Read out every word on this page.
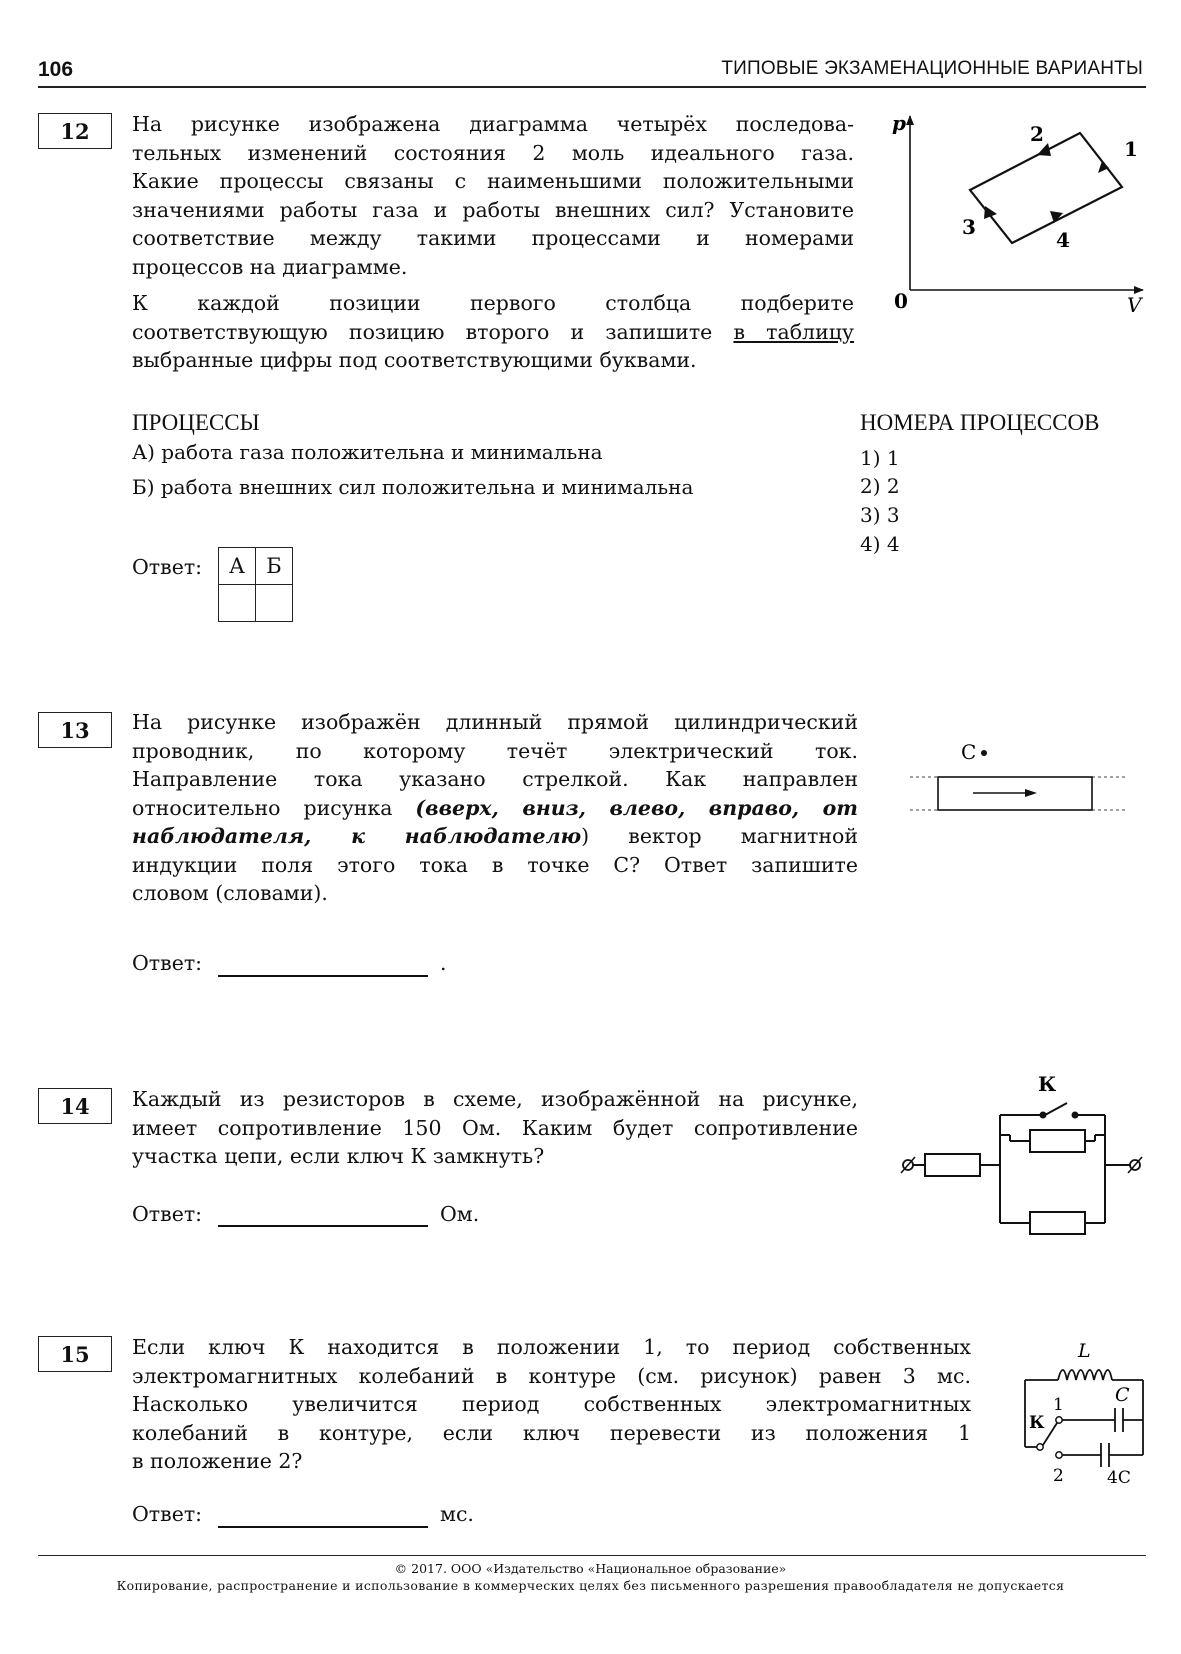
106	ТИПОВЫЕ ЭКЗАМЕНАЦИОННЫЕ ВАРИАНТЫ
12	На рисунке изображена диаграмма четырёх последова-
тельных изменений состояния 2 моль идеального газа.
Какие процессы связаны с наименьшими положительными
значениями работы газа и работы внешних сил? Установите
соответствие между такими процессами и номерами
процессов на диаграмме.
К каждой позиции первого столбца подберите
соответствующую позицию второго и запишите в таблицу
выбранные цифры под соответствующими буквами.
p
V
0
1
2
3
4
ПРОЦЕССЫ
А) работа газа положительна и минимальна
Б) работа внешних сил положительна и минимальна
НОМЕРА ПРОЦЕССОВ
1) 1
2) 2
3) 3
4) 4
Ответ: А	Б

13	На рисунке изображён длинный прямой цилиндрический
проводник, по которому течёт электрический ток.
Направление тока указано стрелкой. Как направлен
относительно рисунка (вверх, вниз, влево, вправо, от
наблюдателя, к наблюдателю) вектор магнитной
индукции поля этого тока в точке С? Ответ запишите
словом (словами).
С
Ответ:	.
14	Каждый из резисторов в схеме, изображённой на рисунке,
имеет сопротивление 150 Ом. Каким будет сопротивление
участка цепи, если ключ К замкнуть?
К
Ответ:	Ом.
15	Если ключ К находится в положении 1, то период собственных
электромагнитных колебаний в контуре (см. рисунок) равен 3 мс.
Насколько увеличится период собственных электромагнитных
колебаний в контуре, если ключ перевести из положения 1
в положение 2?
L
C
К
1
2	4C
Ответ:	мс.
© 2017. ООО «Издательство «Национальное образование»
Копирование, распространение и использование в коммерческих целях без письменного разрешения правообладателя не допускается
